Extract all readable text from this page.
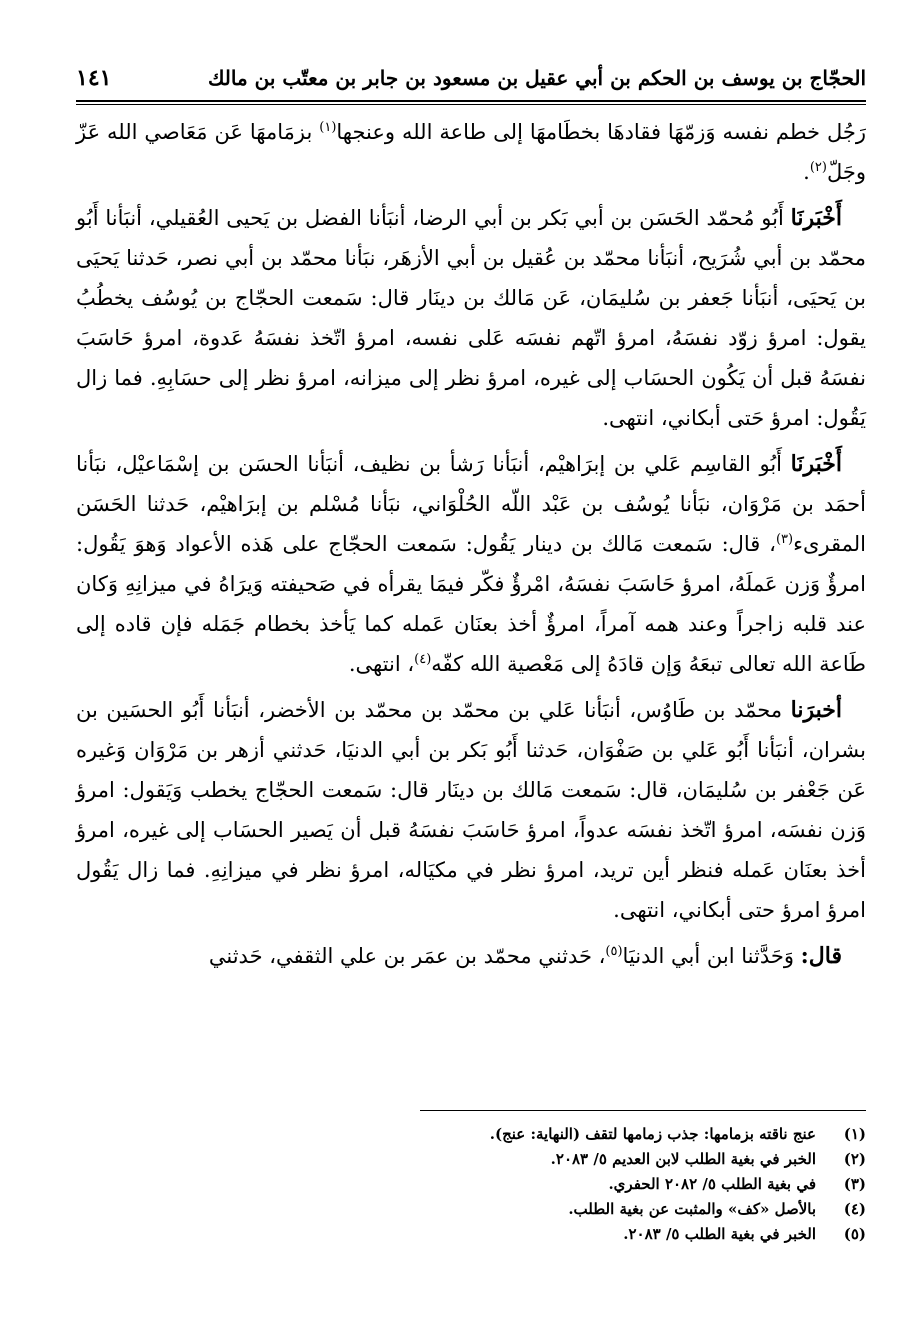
الحجّاج بن يوسف بن الحكم بن أبي عقيل بن مسعود بن جابر بن معتّب بن مالك
١٤١

رَجُل خطم نفسه وَزمّهَا فقادهَا بخطَامهَا إلى طاعة الله وعنجها$^{(١)}$ بزمَامهَا عَن مَعَاصي الله عَزّ وجَلّ$^{(٢)}$.

أَخْبَرنَا أَبُو مُحمّد الحَسَن بن أبي بَكر بن أبي الرضا، أنبَأنا الفضل بن يَحيى العُقيلي، أنبَأنا أَبُو محمّد بن أبي شُرَيح، أنبَأنا محمّد بن عُقيل بن أبي الأزهَر، نبَأنا محمّد بن أبي نصر، حَدثنا يَحيَى بن يَحيَى، أنبَأنا جَعفر بن سُليمَان، عَن مَالك بن دينَار قال: سَمعت الحجّاج بن يُوسُف يخطُبُ يقول: امرؤ زوّد نفسَهُ، امرؤ اتّهم نفسَه عَلى نفسه، امرؤ اتّخذ نفسَهُ عَدوة، امرؤ حَاسَبَ نفسَهُ قبل أن يَكُون الحسَاب إلى غيره، امرؤ نظر إلى ميزانه، امرؤ نظر إلى حسَابِهِ. فما زال يَقُول: امرؤ حَتى أبكاني، انتهى.

أَخْبَرنَا أَبُو القاسِم عَلي بن إبرَاهيْم، أنبَأنا رَشأ بن نظيف، أنبَأنا الحسَن بن إسْمَاعيْل، نبَأنا أحمَد بن مَرْوَان، نبَأنا يُوسُف بن عَبْد اللّه الحُلْوَاني، نبَأنا مُسْلم بن إبرَاهيْم، حَدثنا الحَسَن المقرىء$^{(٣)}$، قال: سَمعت مَالك بن دينار يَقُول: سَمعت الحجّاج على هَذه الأعواد وَهوَ يَقُول: امرؤٌ وَزن عَملَهُ، امرؤ حَاسَبَ نفسَهُ، امْرؤٌ فكّر فيمَا يقرأه في صَحيفته وَيرَاهُ في ميزانِهِ وَكان عند قلبه زاجراً وعند همه آمراً، امرؤٌ أخذ بعنَان عَمله كما يَأخذ بخطام جَمَله فإن قاده إلى طَاعة الله تعالى تبعَهُ وَإن قادَهُ إلى مَعْصية الله كفّه$^{(٤)}$، انتهى.

أخبرَنا محمّد بن طَاوُس، أنبَأنا عَلي بن محمّد بن محمّد بن الأخضر، أنبَأنا أَبُو الحسَين بن بشران، أنبَأنا أَبُو عَلي بن صَفْوَان، حَدثنا أَبُو بَكر بن أبي الدنيَا، حَدثني أزهر بن مَرْوَان وَغيره عَن جَعْفر بن سُليمَان، قال: سَمعت مَالك بن دينَار قال: سَمعت الحجّاج يخطب وَيَقول: امرؤ وَزن نفسَه، امرؤ اتّخذ نفسَه عدواً، امرؤ حَاسَبَ نفسَهُ قبل أن يَصير الحسَاب إلى غيره، امرؤ أخذ بعنَان عَمله فنظر أين تريد، امرؤ نظر في مكيَاله، امرؤ نظر في ميزانِهِ. فما زال يَقُول امرؤ امرؤ حتى أبكاني، انتهى.

قال: وَحَدَّثنا ابن أبي الدنيَا$^{(٥)}$، حَدثني محمّد بن عمَر بن علي الثقفي، حَدثني

(١)
عنج ناقته بزمامها: جذب زمامها لتقف (النهاية: عنج).
(٢)
الخبر في بغية الطلب لابن العديم ٥/ ٢٠٨٣.
(٣)
في بغية الطلب ٥/ ٢٠٨٢ الحفري.
(٤)
بالأصل «كف» والمثبت عن بغية الطلب.
(٥)
الخبر في بغية الطلب ٥/ ٢٠٨٣.
